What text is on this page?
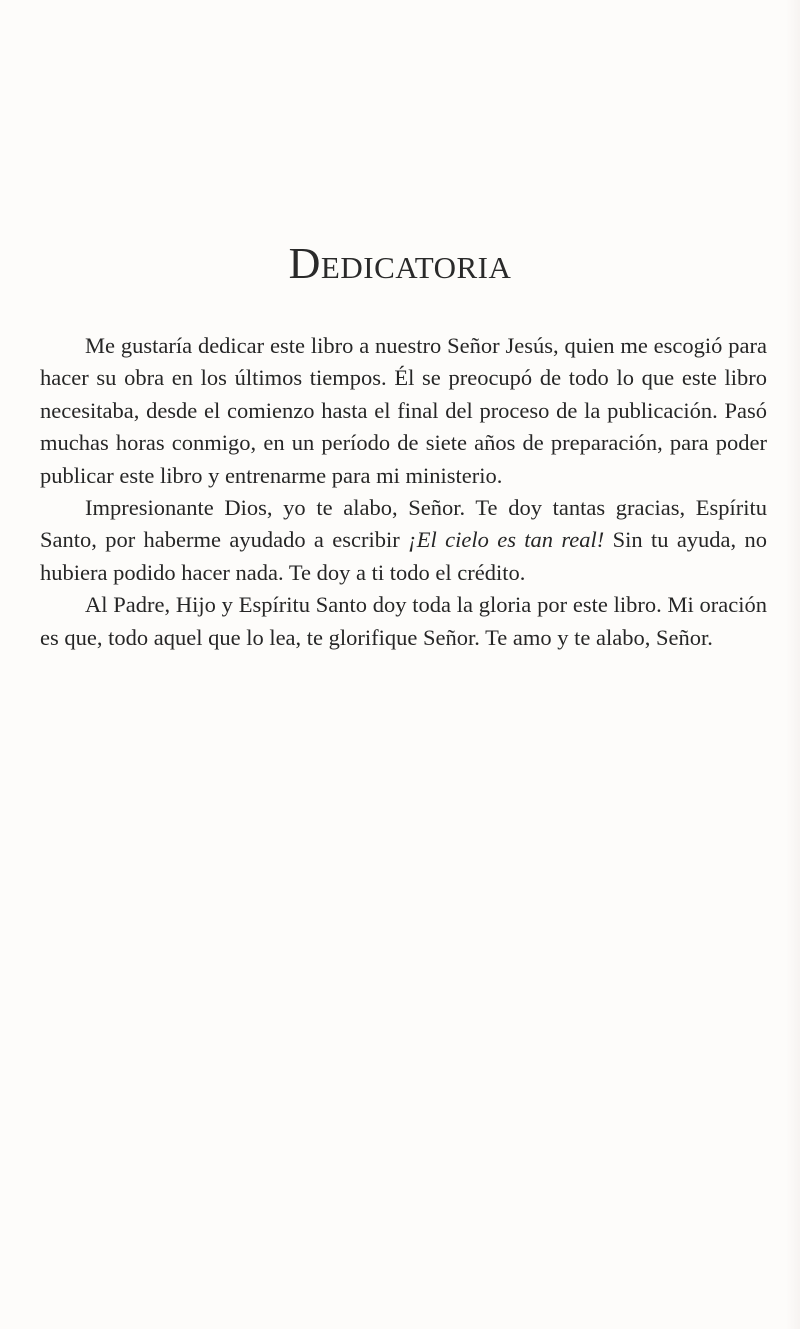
Dedicatoria

Me gustaría dedicar este libro a nuestro Señor Jesús, quien me escogió para hacer su obra en los últimos tiempos. Él se preocupó de todo lo que este libro necesitaba, desde el comienzo hasta el final del proceso de la publicación. Pasó muchas horas conmigo, en un período de siete años de preparación, para poder publicar este libro y entrenarme para mi ministerio.

Impresionante Dios, yo te alabo, Señor. Te doy tantas gracias, Espíritu Santo, por haberme ayudado a escribir ¡El cielo es tan real! Sin tu ayuda, no hubiera podido hacer nada. Te doy a ti todo el crédito.

Al Padre, Hijo y Espíritu Santo doy toda la gloria por este libro. Mi oración es que, todo aquel que lo lea, te glorifique Señor. Te amo y te alabo, Señor.
